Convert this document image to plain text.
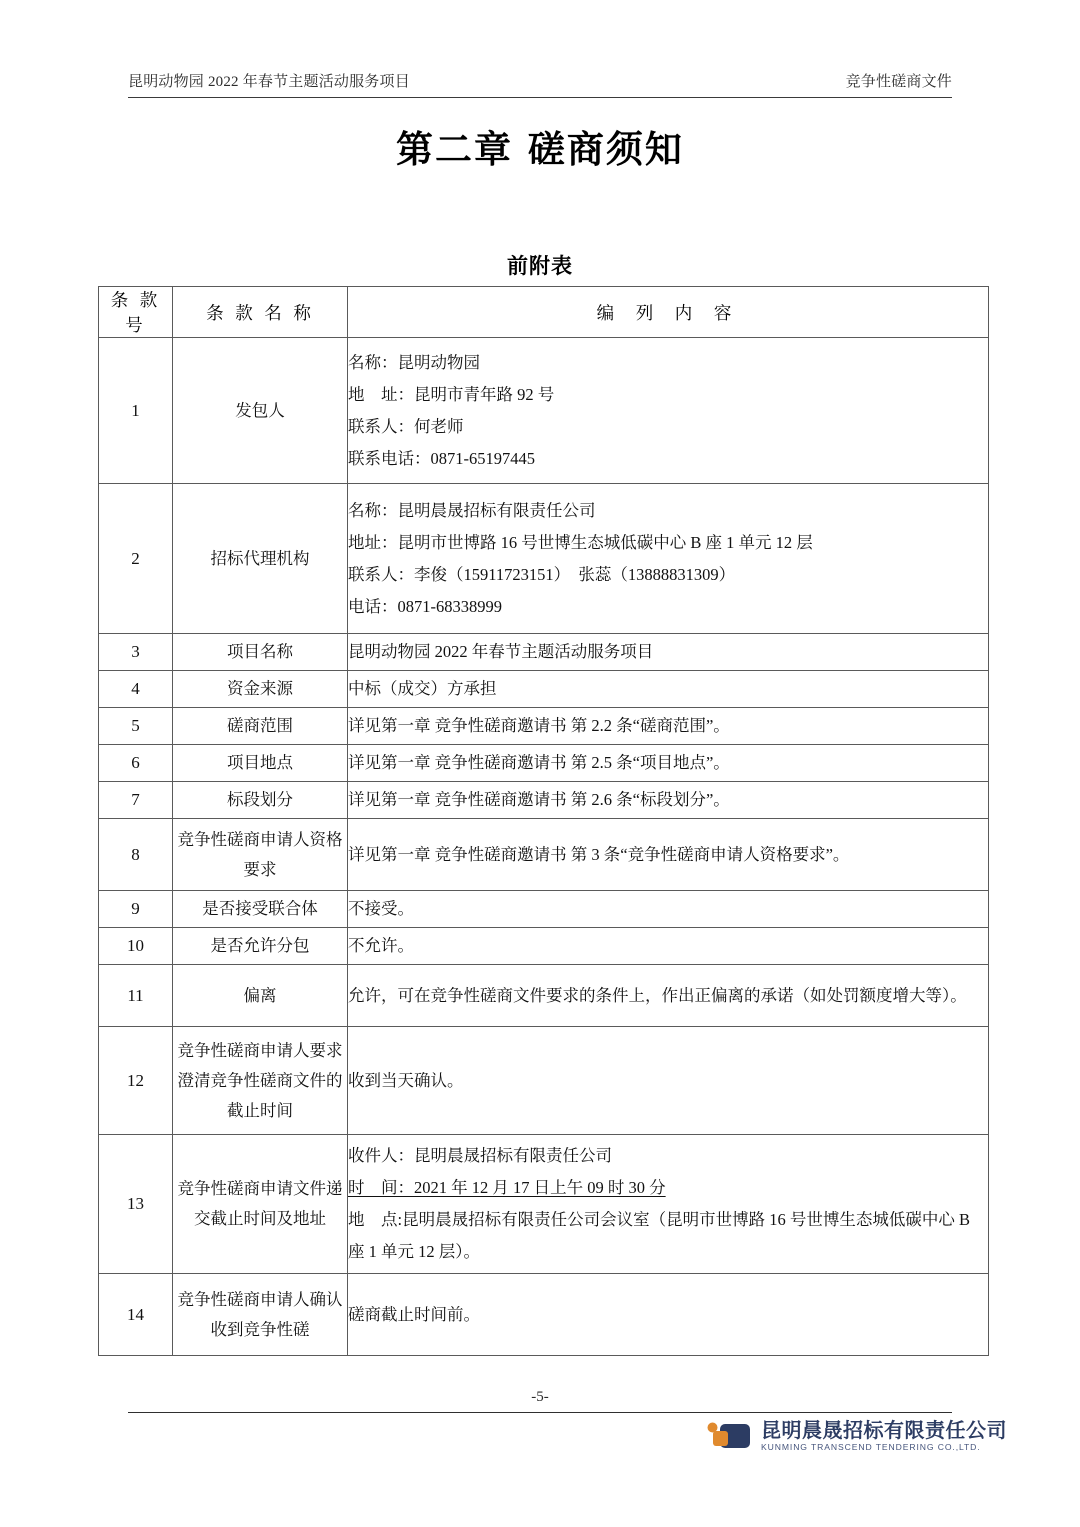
昆明动物园 2022 年春节主题活动服务项目	竞争性磋商文件
第二章 磋商须知
前附表
条 款 号	条 款 名 称	编 列 内 容
1	发包人	名称：昆明动物园
地　址：昆明市青年路 92 号
联系人：何老师
联系电话：0871-65197445

2	招标代理机构	名称：昆明晨晟招标有限责任公司
地址：昆明市世博路 16 号世博生态城低碳中心 B 座 1 单元 12 层
联系人：李俊（15911723151）　张蕊（13888831309）
电话：0871-68338999

3	项目名称	昆明动物园 2022 年春节主题活动服务项目

4	资金来源	中标（成交）方承担

5	磋商范围	详见第一章 竞争性磋商邀请书 第 2.2 条“磋商范围”。

6	项目地点	详见第一章 竞争性磋商邀请书 第 2.5 条“项目地点”。

7	标段划分	详见第一章 竞争性磋商邀请书 第 2.6 条“标段划分”。

8	竞争性磋商申请人资格要求	详见第一章 竞争性磋商邀请书 第 3 条“竞争性磋商申请人资格要求”。

9	是否接受联合体	不接受。

10	是否允许分包	不允许。

11	偏离	允许，可在竞争性磋商文件要求的条件上，作出正偏离的承诺（如处罚额度增大等）。

12	竞争性磋商申请人要求澄清竞争性磋商文件的截止时间	收到当天确认。

13	竞争性磋商申请文件递交截止时间及地址	收件人：昆明晨晟招标有限责任公司
时　间：2021 年 12 月 17 日上午 09 时 30 分
地　点:昆明晨晟招标有限责任公司会议室（昆明市世博路 16 号世博生态城低碳中心 B 座 1 单元 12 层）。

14	竞争性磋商申请人确认收到竞争性磋	磋商截止时间前。
-5-
昆明晨晟招标有限责任公司
KUNMING TRANSCEND TENDERING CO.,LTD.
